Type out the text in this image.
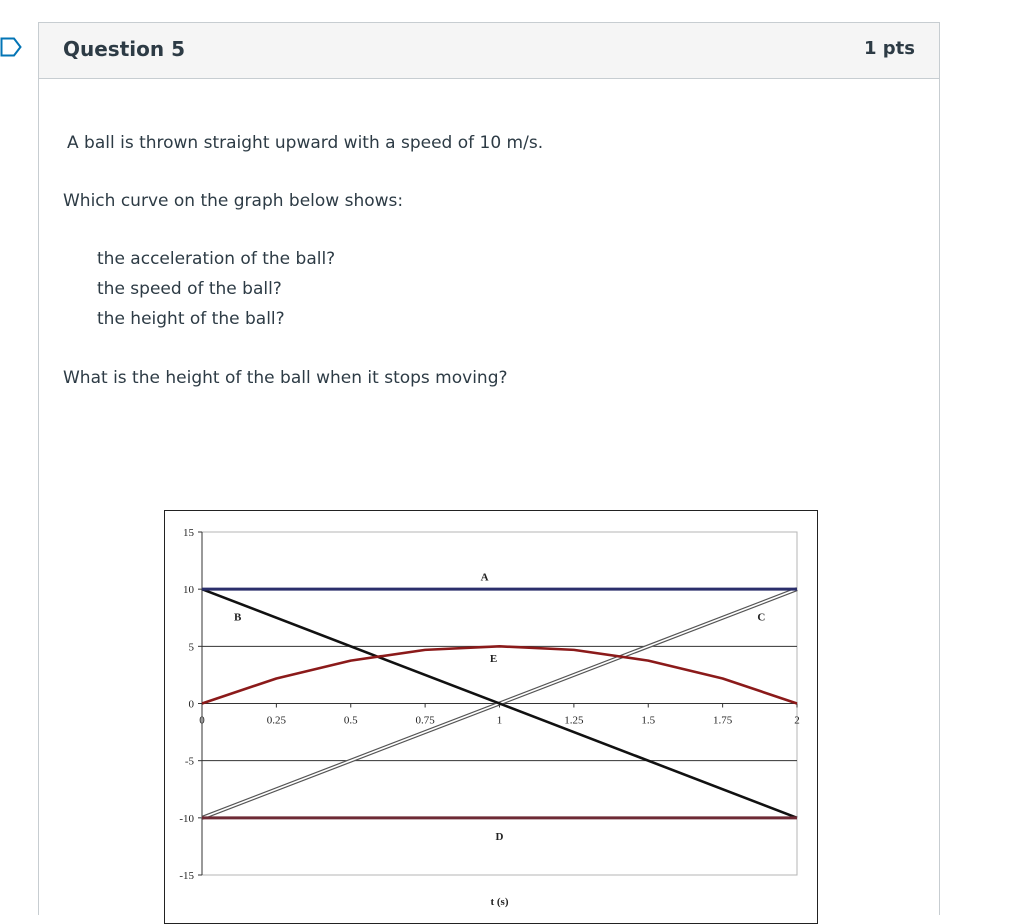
Question 5	1 pts

A ball is thrown straight upward with a speed of 10 m/s.

Which curve on the graph below shows:

the acceleration of the ball?

the speed of the ball?

the height of the ball?

What is the height of the ball when it stops moving?

15
10
5
0
-5
-10
-15
0	0.25	0.5	0.75	1	1.25	1.5	1.75	2
A
B	C
D
E
t (s)
